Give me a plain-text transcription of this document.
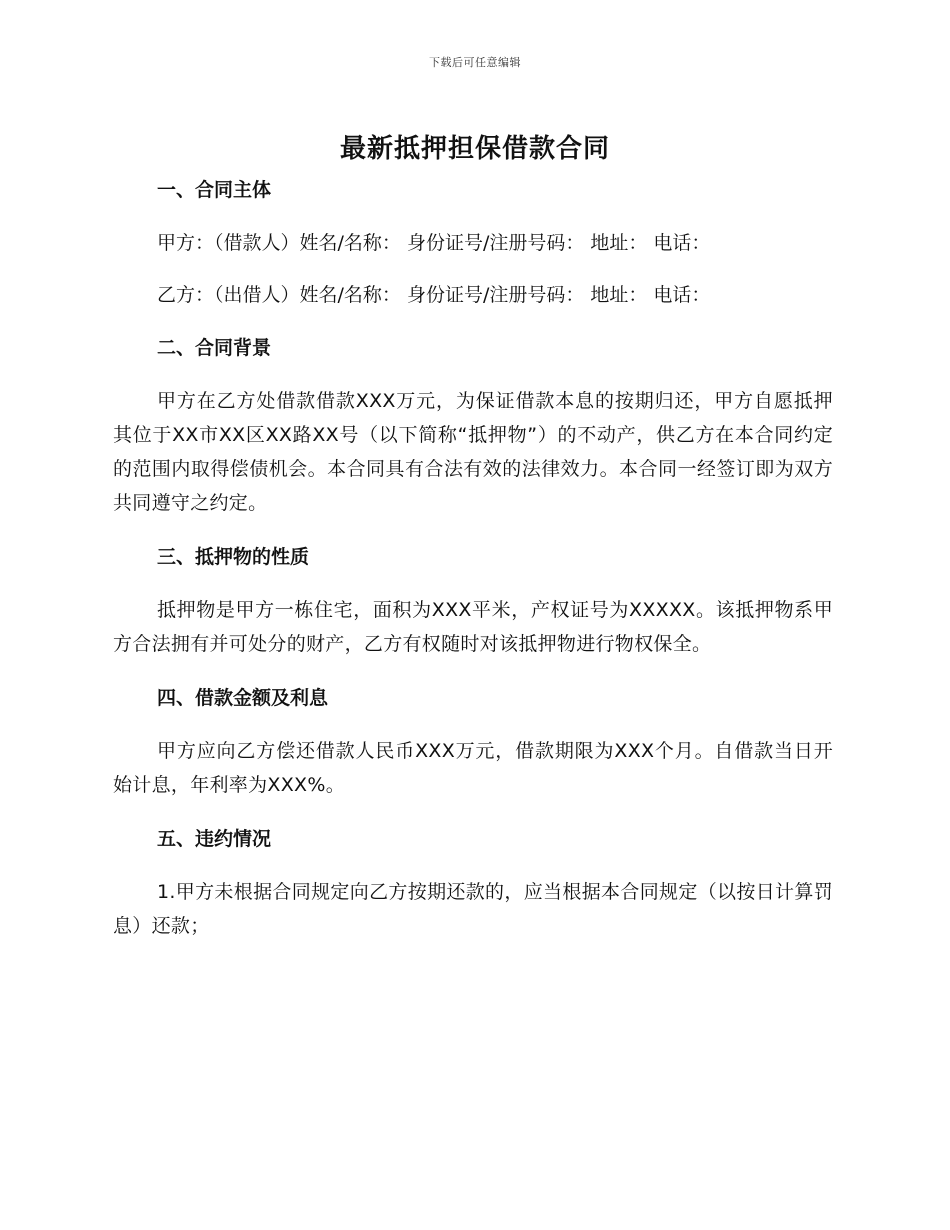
下载后可任意编辑
最新抵押担保借款合同
一、合同主体

甲方：（借款人）姓名/名称： 身份证号/注册号码： 地址： 电话：

乙方：（出借人）姓名/名称： 身份证号/注册号码： 地址： 电话：

二、合同背景

甲方在乙方处借款借款XXX万元，为保证借款本息的按期归还，甲方自愿抵押其位于XX市XX区XX路XX号（以下简称“抵押物”）的不动产，供乙方在本合同约定的范围内取得偿债机会。本合同具有合法有效的法律效力。本合同一经签订即为双方共同遵守之约定。

三、抵押物的性质

抵押物是甲方一栋住宅，面积为XXX平米，产权证号为XXXXX。该抵押物系甲方合法拥有并可处分的财产，乙方有权随时对该抵押物进行物权保全。

四、借款金额及利息

甲方应向乙方偿还借款人民币XXX万元，借款期限为XXX个月。自借款当日开始计息，年利率为XXX%。

五、违约情况

1.甲方未根据合同规定向乙方按期还款的，应当根据本合同规定（以按日计算罚息）还款；
